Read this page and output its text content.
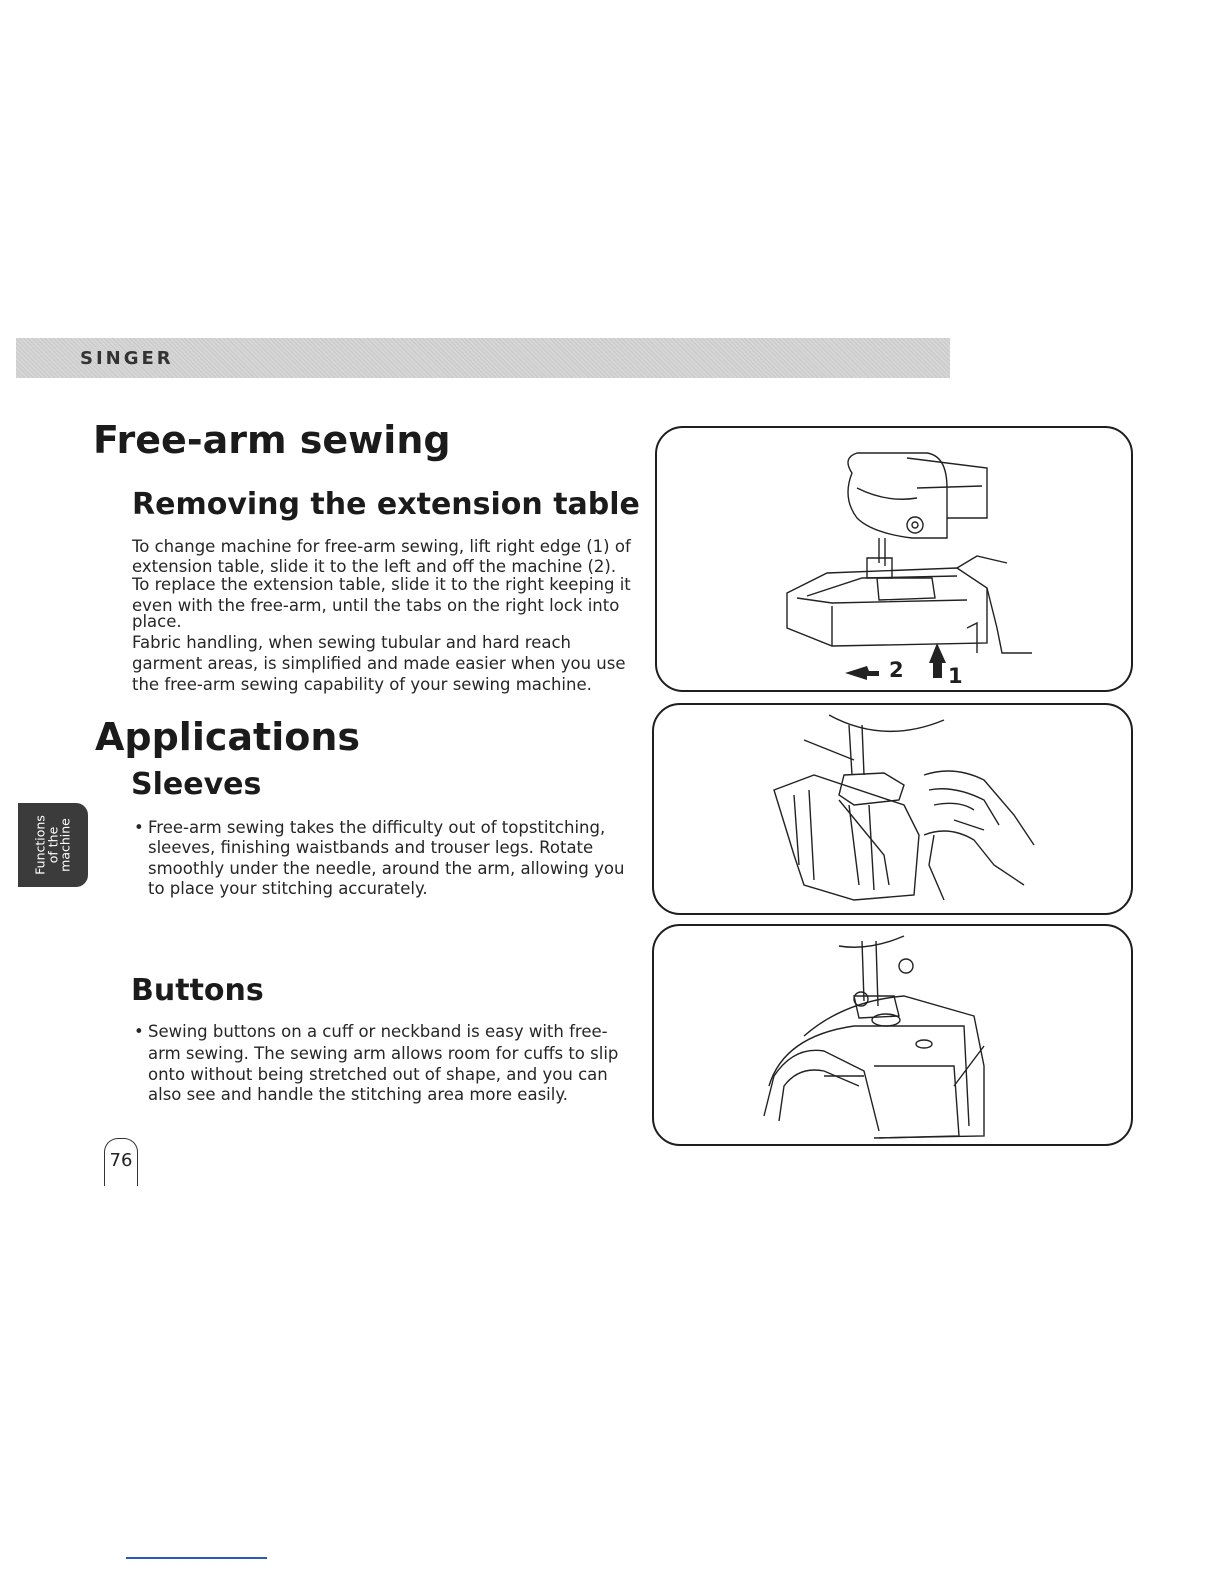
SINGER
Free-arm sewing
Removing the extension table
To change machine for free-arm sewing, lift right edge (1) of
extension table, slide it to the left and off the machine (2).
To replace the extension table, slide it to the right keeping it
even with the free-arm, until the tabs on the right lock into
place.
Fabric handling, when sewing tubular and hard reach
garment areas, is simplified and made easier when you use
the free-arm sewing capability of your sewing machine.
Applications
Sleeves
• Free-arm sewing takes the difficulty out of topstitching,
sleeves, finishing waistbands and trouser legs. Rotate
smoothly under the needle, around the arm, allowing you
to place your stitching accurately.
Buttons
• Sewing buttons on a cuff or neckband is easy with free-
arm sewing. The sewing arm allows room for cuffs to slip
onto without being stretched out of shape, and you can
also see and handle the stitching area more easily.
Functions
of the
machine
2 1
76
